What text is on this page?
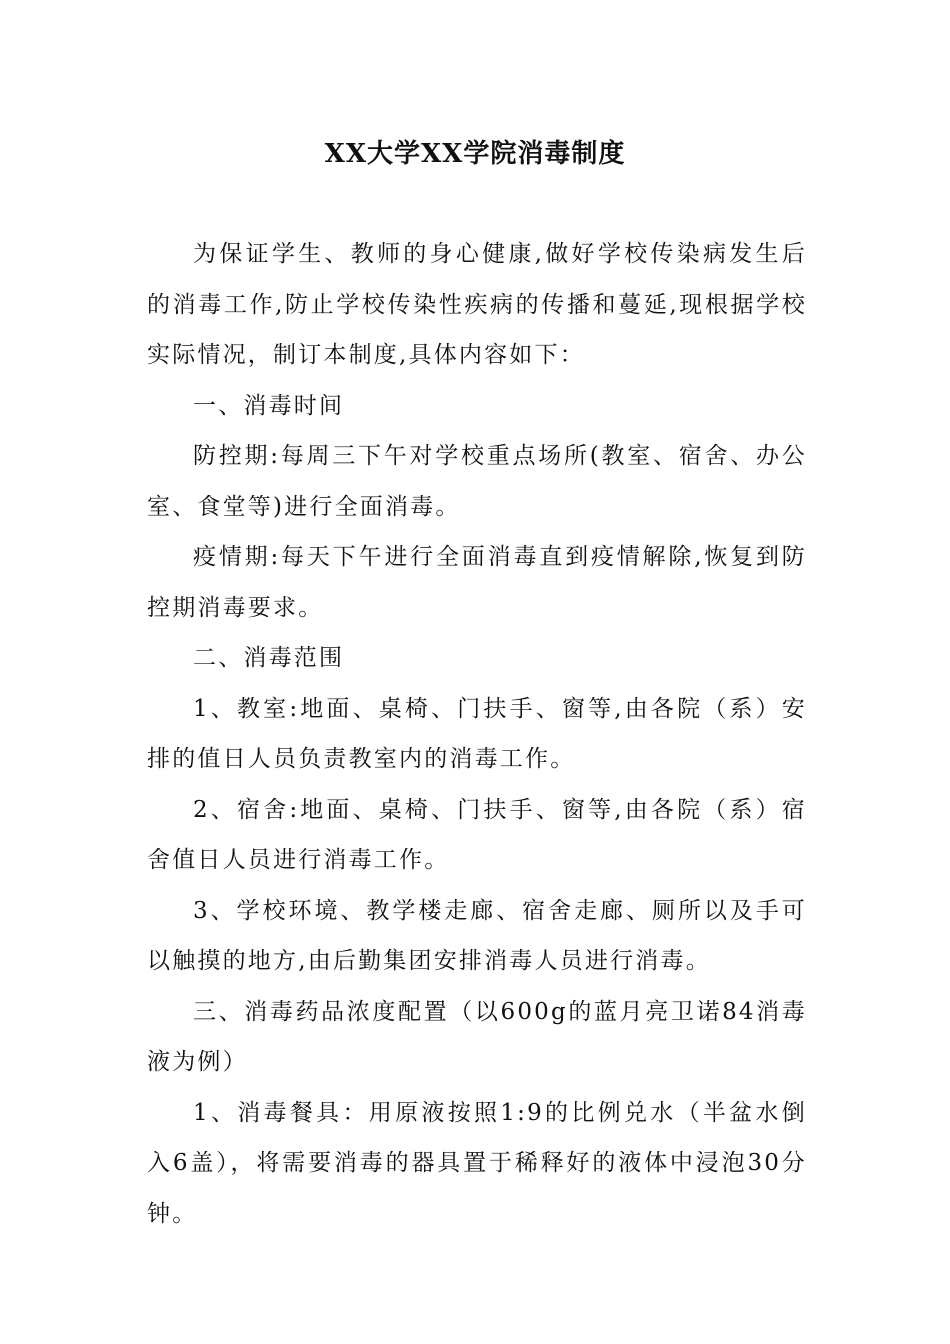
XX大学XX学院消毒制度

为保证学生、教师的身心健康,做好学校传染病发生后的消毒工作,防止学校传染性疾病的传播和蔓延,现根据学校实际情况，制订本制度,具体内容如下：

一、消毒时间

防控期:每周三下午对学校重点场所(教室、宿舍、办公室、食堂等)进行全面消毒。

疫情期:每天下午进行全面消毒直到疫情解除,恢复到防控期消毒要求。

二、消毒范围

1、教室:地面、桌椅、门扶手、窗等,由各院（系）安排的值日人员负责教室内的消毒工作。

2、宿舍:地面、桌椅、门扶手、窗等,由各院（系）宿舍值日人员进行消毒工作。

3、学校环境、教学楼走廊、宿舍走廊、厕所以及手可以触摸的地方,由后勤集团安排消毒人员进行消毒。

三、消毒药品浓度配置（以600g的蓝月亮卫诺84消毒液为例）

1、消毒餐具：用原液按照1:9的比例兑水（半盆水倒入6盖），将需要消毒的器具置于稀释好的液体中浸泡30分钟。
